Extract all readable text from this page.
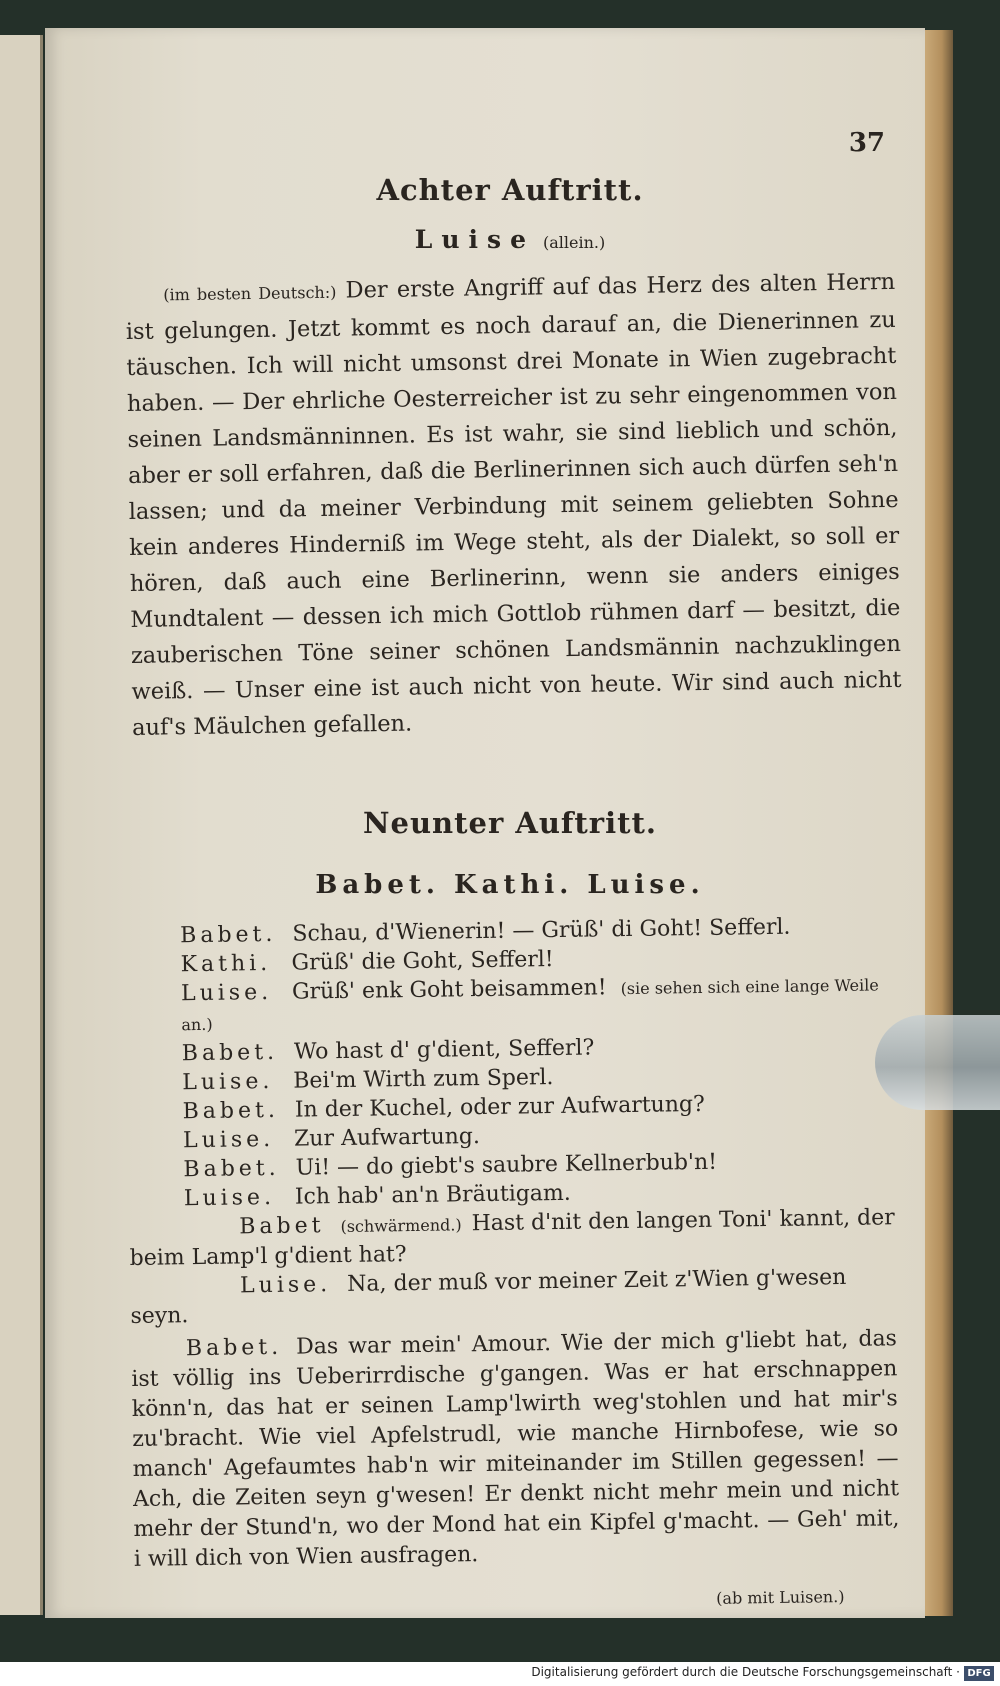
37
Achter Auftritt.
Luise (allein.)
(im besten Deutsch:) Der erste Angriff auf das Herz des alten Herrn ist gelungen. Jetzt kommt es noch darauf an, die Dienerinnen zu täuschen. Ich will nicht umsonst drei Monate in Wien zugebracht haben. — Der ehrliche Oesterreicher ist zu sehr eingenommen von seinen Landsmänninnen. Es ist wahr, sie sind lieblich und schön, aber er soll erfahren, daß die Berlinerinnen sich auch dürfen seh'n lassen; und da meiner Verbindung mit seinem geliebten Sohne kein anderes Hinderniß im Wege steht, als der Dialekt, so soll er hören, daß auch eine Berlinerinn, wenn sie anders einiges Mundtalent — dessen ich mich Gottlob rühmen darf — besitzt, die zauberischen Töne seiner schönen Landsmännin nachzuklingen weiß. — Unser eine ist auch nicht von heute. Wir sind auch nicht auf's Mäulchen gefallen.
Neunter Auftritt.
Babet. Kathi. Luise.

Babet. Schau, d'Wienerin! — Grüß' di Goht! Sefferl.

Kathi. Grüß' die Goht, Sefferl!

Luise. Grüß' enk Goht beisammen! (sie sehen sich eine lange Weile an.)

Babet. Wo hast d' g'dient, Sefferl?

Luise. Bei'm Wirth zum Sperl.

Babet. In der Kuchel, oder zur Aufwartung?

Luise. Zur Aufwartung.

Babet. Ui! — do giebt's saubre Kellnerbub'n!

Luise. Ich hab' an'n Bräutigam.

Babet (schwärmend.) Hast d'nit den langen Toni' kannt, der beim Lamp'l g'dient hat?

Luise. Na, der muß vor meiner Zeit z'Wien g'wesen seyn.

Babet. Das war mein' Amour. Wie der mich g'liebt hat, das ist völlig ins Ueberirrdische g'gangen. Was er hat erschnappen könn'n, das hat er seinen Lamp'lwirth weg'stohlen und hat mir's zu'bracht. Wie viel Apfelstrudl, wie manche Hirnbofese, wie so manch' Agefaumtes hab'n wir miteinander im Stillen gegessen! — Ach, die Zeiten seyn g'wesen! Er denkt nicht mehr mein und nicht mehr der Stund'n, wo der Mond hat ein Kipfel g'macht. — Geh' mit, i will dich von Wien ausfragen.

(ab mit Luisen.)
Digitalisierung gefördert durch die Deutsche Forschungsgemeinschaft · DFG
